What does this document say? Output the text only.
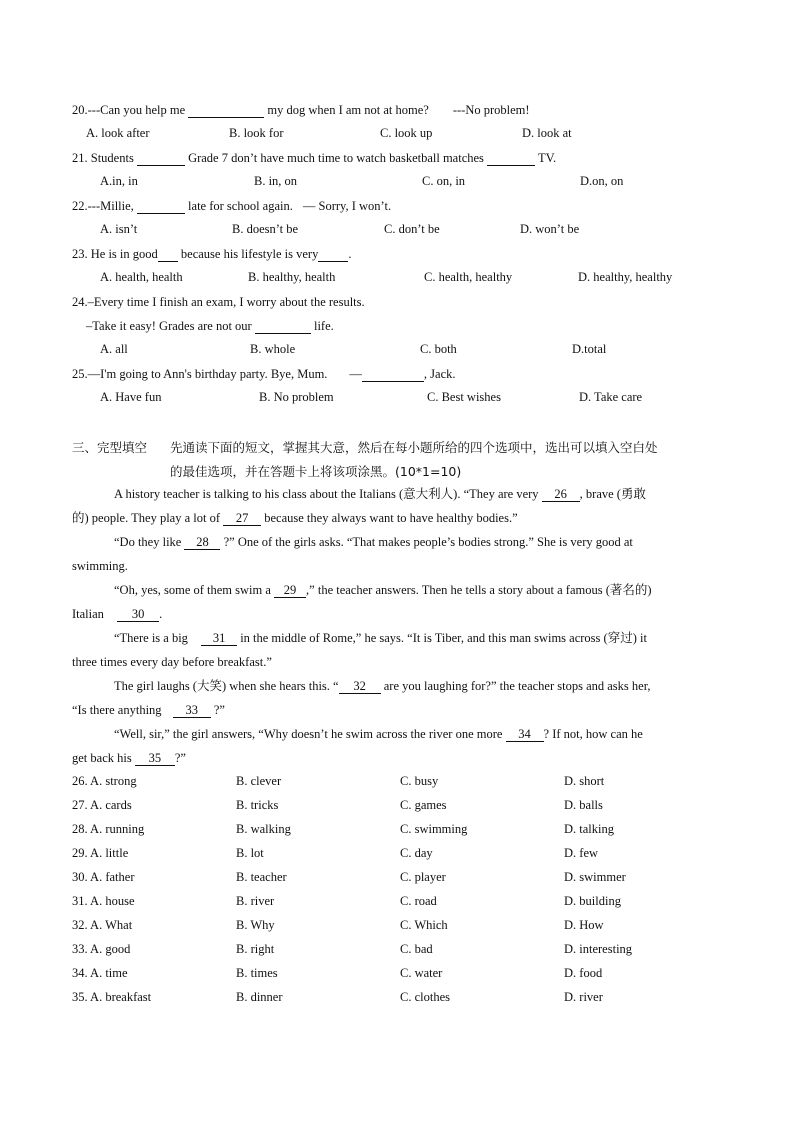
20.---Can you help me	my dog when I am not at home? ---No problem!
A. look after	B. look for	C. look up	D. look at
21. Students	Grade 7 don’t have much time to watch basketball matches	TV.
A.in, in	B. in, on	C. on, in	D.on, on
22.---Millie,	late for school again. — Sorry, I won’t.
A. isn’t	B. doesn’t be	C. don’t be	D. won’t be
23. He is in good  because his lifestyle is very .
A. health, health	B. healthy, health	C. health, healthy	D. healthy, healthy
24.–Every time I finish an exam, I worry about the results.
–Take it easy! Grades are not our	life.
A. all	B. whole	C. both	D.total
25.—I'm going to Ann's birthday party. Bye, Mum. —	, Jack.
A. Have fun	B. No problem	C. Best wishes	D. Take care
三、完型填空 先通读下面的短文，掌握其大意，然后在每小题所给的四个选项中，选出可以填入空白处
的最佳选项，并在答题卡上将该项涂黑。(10*1=10)
A history teacher is talking to his class about the Italians (意大利人). “They are very 26 , brave (勇敢
的) people. They play a lot of 27 because they always want to have healthy bodies.”
“Do they like 28 ?” One of the girls asks. “That makes people’s bodies strong.” She is very good at
swimming.
“Oh, yes, some of them swim a 29 ,” the teacher answers. Then he tells a story about a famous (著名的)
Italian 30 .
“There is a big 31 in the middle of Rome,” he says. “It is Tiber, and this man swims across (穿过) it
three times every day before breakfast.”
The girl laughs (大笑) when she hears this. “ 32 are you laughing for?” the teacher stops and asks her,
“Is there anything 33 ?”
“Well, sir,” the girl answers, “Why doesn’t he swim across the river one more 34 ? If not, how can he
get back his 35 ?”
26. A. strong	B. clever	C. busy	D. short
27. A. cards	B. tricks	C. games	D. balls
28. A. running	B. walking	C. swimming	D. talking
29. A. little	B. lot	C. day	D. few
30. A. father	B. teacher	C. player	D. swimmer
31. A. house	B. river	C. road	D. building
32. A. What	B. Why	C. Which	D. How
33. A. good	B. right	C. bad	D. interesting
34. A. time	B. times	C. water	D. food
35. A. breakfast	B. dinner	C. clothes	D. river
